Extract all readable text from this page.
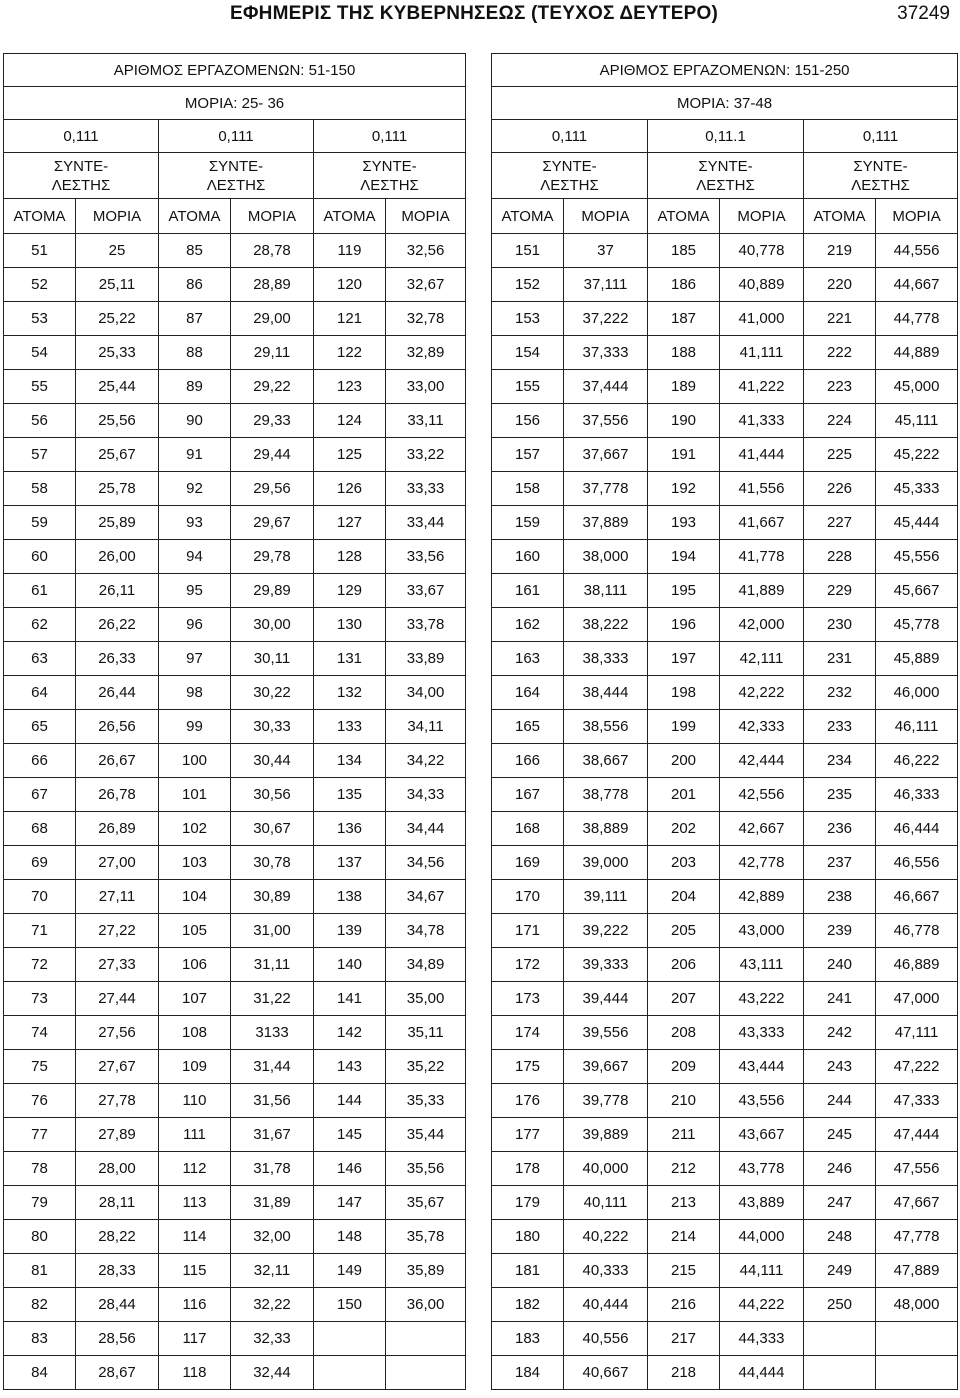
ΕΦΗΜΕΡΙΣ ΤΗΣ ΚΥΒΕΡΝΗΣΕΩΣ (ΤΕΥΧΟΣ ΔΕΥΤΕΡΟ)	37249
ΑΡΙΘΜΟΣ ΕΡΓΑΖΟΜΕΝΩΝ: 51-150					
ΜΟΡΙΑ: 25- 36					
0,111		0,111		0,111	
ΣΥΝΤΕ-
ΛΕΣΤΗΣ		ΣΥΝΤΕ-
ΛΕΣΤΗΣ		ΣΥΝΤΕ-
ΛΕΣΤΗΣ	
ΑΤΟΜΑ	ΜΟΡΙΑ	ΑΤΟΜΑ	ΜΟΡΙΑ	ΑΤΟΜΑ	ΜΟΡΙΑ
51	25	85	28,78	119	32,56
52	25,11	86	28,89	120	32,67
53	25,22	87	29,00	121	32,78
54	25,33	88	29,11	122	32,89
55	25,44	89	29,22	123	33,00
56	25,56	90	29,33	124	33,11
57	25,67	91	29,44	125	33,22
58	25,78	92	29,56	126	33,33
59	25,89	93	29,67	127	33,44
60	26,00	94	29,78	128	33,56
61	26,11	95	29,89	129	33,67
62	26,22	96	30,00	130	33,78
63	26,33	97	30,11	131	33,89
64	26,44	98	30,22	132	34,00
65	26,56	99	30,33	133	34,11
66	26,67	100	30,44	134	34,22
67	26,78	101	30,56	135	34,33
68	26,89	102	30,67	136	34,44
69	27,00	103	30,78	137	34,56
70	27,11	104	30,89	138	34,67
71	27,22	105	31,00	139	34,78
72	27,33	106	31,11	140	34,89
73	27,44	107	31,22	141	35,00
74	27,56	108	3133	142	35,11
75	27,67	109	31,44	143	35,22
76	27,78	110	31,56	144	35,33
77	27,89	111	31,67	145	35,44
78	28,00	112	31,78	146	35,56
79	28,11	113	31,89	147	35,67
80	28,22	114	32,00	148	35,78
81	28,33	115	32,11	149	35,89
82	28,44	116	32,22	150	36,00
83	28,56	117	32,33		
84	28,67	118	32,44		
ΑΡΙΘΜΟΣ ΕΡΓΑΖΟΜΕΝΩΝ: 151-250					
ΜΟΡΙΑ: 37-48					
0,111		0,11.1		0,111	
ΣΥΝΤΕ-
ΛΕΣΤΗΣ		ΣΥΝΤΕ-
ΛΕΣΤΗΣ		ΣΥΝΤΕ-
ΛΕΣΤΗΣ	
ΑΤΟΜΑ	ΜΟΡΙΑ	ΑΤΟΜΑ	ΜΟΡΙΑ	ΑΤΟΜΑ	ΜΟΡΙΑ
151	37	185	40,778	219	44,556
152	37,111	186	40,889	220	44,667
153	37,222	187	41,000	221	44,778
154	37,333	188	41,111	222	44,889
155	37,444	189	41,222	223	45,000
156	37,556	190	41,333	224	45,111
157	37,667	191	41,444	225	45,222
158	37,778	192	41,556	226	45,333
159	37,889	193	41,667	227	45,444
160	38,000	194	41,778	228	45,556
161	38,111	195	41,889	229	45,667
162	38,222	196	42,000	230	45,778
163	38,333	197	42,111	231	45,889
164	38,444	198	42,222	232	46,000
165	38,556	199	42,333	233	46,111
166	38,667	200	42,444	234	46,222
167	38,778	201	42,556	235	46,333
168	38,889	202	42,667	236	46,444
169	39,000	203	42,778	237	46,556
170	39,111	204	42,889	238	46,667
171	39,222	205	43,000	239	46,778
172	39,333	206	43,111	240	46,889
173	39,444	207	43,222	241	47,000
174	39,556	208	43,333	242	47,111
175	39,667	209	43,444	243	47,222
176	39,778	210	43,556	244	47,333
177	39,889	211	43,667	245	47,444
178	40,000	212	43,778	246	47,556
179	40,111	213	43,889	247	47,667
180	40,222	214	44,000	248	47,778
181	40,333	215	44,111	249	47,889
182	40,444	216	44,222	250	48,000
183	40,556	217	44,333		
184	40,667	218	44,444		
